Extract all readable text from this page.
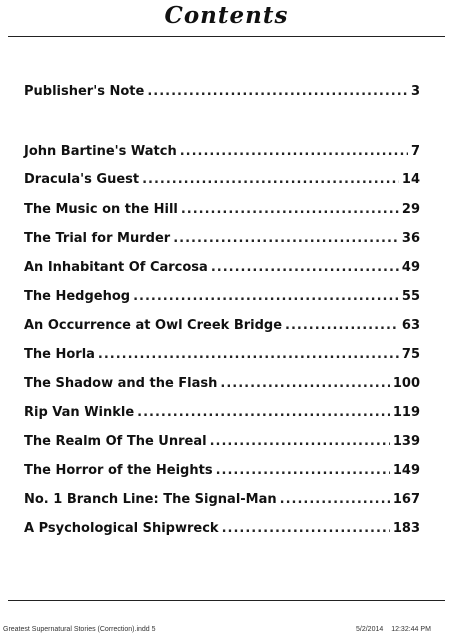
Contents
Publisher's Note .....	3
John Bartine's Watch .....	7
Dracula's Guest .....	14
The Music on the Hill .....	29
The Trial for Murder .....	36
An Inhabitant Of Carcosa .....	49
The Hedgehog .....	55
An Occurrence at Owl Creek Bridge .....	63
The Horla .....	75
The Shadow and the Flash .....	100
Rip Van Winkle .....	119
The Realm Of The Unreal .....	139
The Horror of the Heights .....	149
No. 1 Branch Line: The Signal-Man .....	167
A Psychological Shipwreck .....	183
Greatest Supernatural Stories (Correction).indd 5	5/2/2014 12:32:44 PM
